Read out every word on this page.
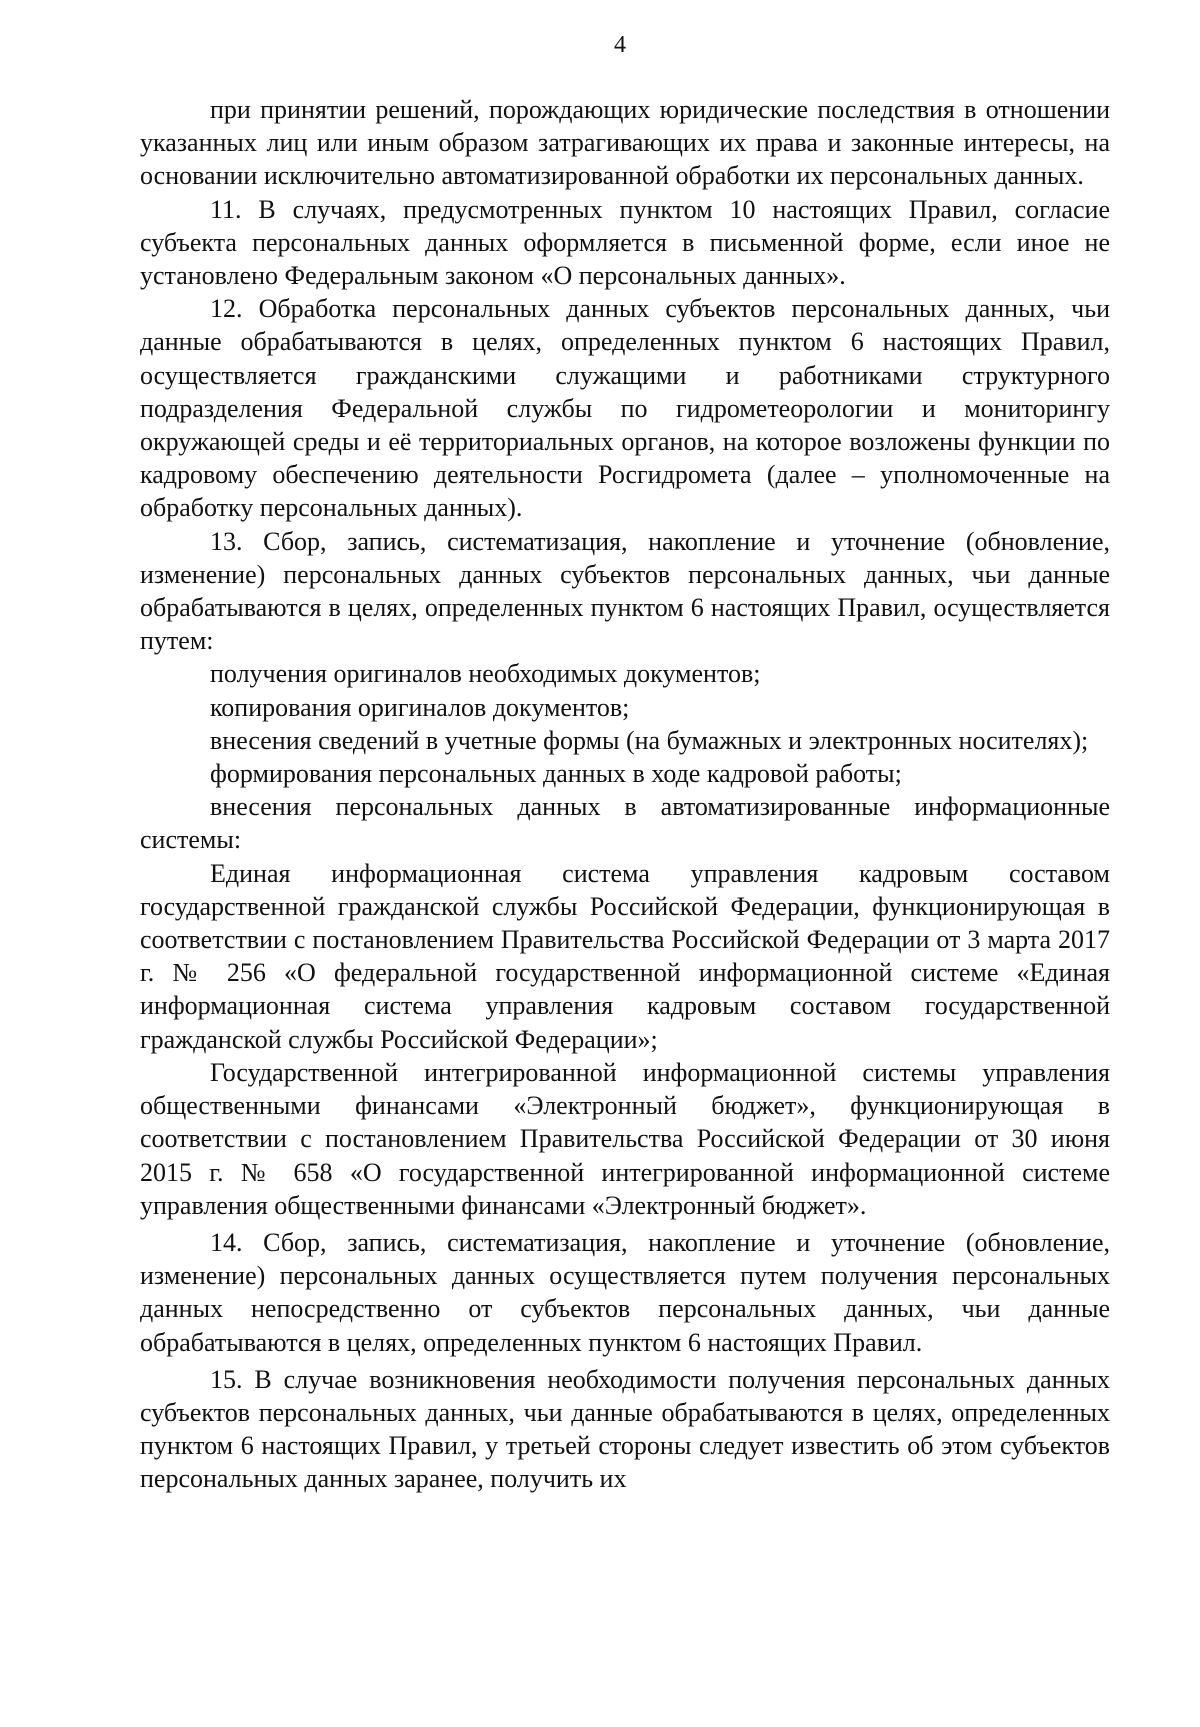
4

при принятии решений, порождающих юридические последствия в отношении указанных лиц или иным образом затрагивающих их права и законные интересы, на основании исключительно автоматизированной обработки их персональных данных.

11. В случаях, предусмотренных пунктом 10 настоящих Правил, согласие субъекта персональных данных оформляется в письменной форме, если иное не установлено Федеральным законом «О персональных данных».

12. Обработка персональных данных субъектов персональных данных, чьи данные обрабатываются в целях, определенных пунктом 6 настоящих Правил, осуществляется гражданскими служащими и работниками структурного подразделения Федеральной службы по гидрометеорологии и мониторингу окружающей среды и её территориальных органов, на которое возложены функции по кадровому обеспечению деятельности Росгидромета (далее – уполномоченные на обработку персональных данных).

13. Сбор, запись, систематизация, накопление и уточнение (обновление, изменение) персональных данных субъектов персональных данных, чьи данные обрабатываются в целях, определенных пунктом 6 настоящих Правил, осуществляется путем:

получения оригиналов необходимых документов;

копирования оригиналов документов;

внесения сведений в учетные формы (на бумажных и электронных носителях);

формирования персональных данных в ходе кадровой работы;

внесения персональных данных в автоматизированные информационные системы:

Единая информационная система управления кадровым составом государственной гражданской службы Российской Федерации, функционирующая в соответствии с постановлением Правительства Российской Федерации от 3 марта 2017 г. № 256 «О федеральной государственной информационной системе «Единая информационная система управления кадровым составом государственной гражданской службы Российской Федерации»;

Государственной интегрированной информационной системы управления общественными финансами «Электронный бюджет», функционирующая в соответствии с постановлением Правительства Российской Федерации от 30 июня 2015 г. № 658 «О государственной интегрированной информационной системе управления общественными финансами «Электронный бюджет».

14. Сбор, запись, систематизация, накопление и уточнение (обновление, изменение) персональных данных осуществляется путем получения персональных данных непосредственно от субъектов персональных данных, чьи данные обрабатываются в целях, определенных пунктом 6 настоящих Правил.

15. В случае возникновения необходимости получения персональных данных субъектов персональных данных, чьи данные обрабатываются в целях, определенных пунктом 6 настоящих Правил, у третьей стороны следует известить об этом субъектов персональных данных заранее, получить их
